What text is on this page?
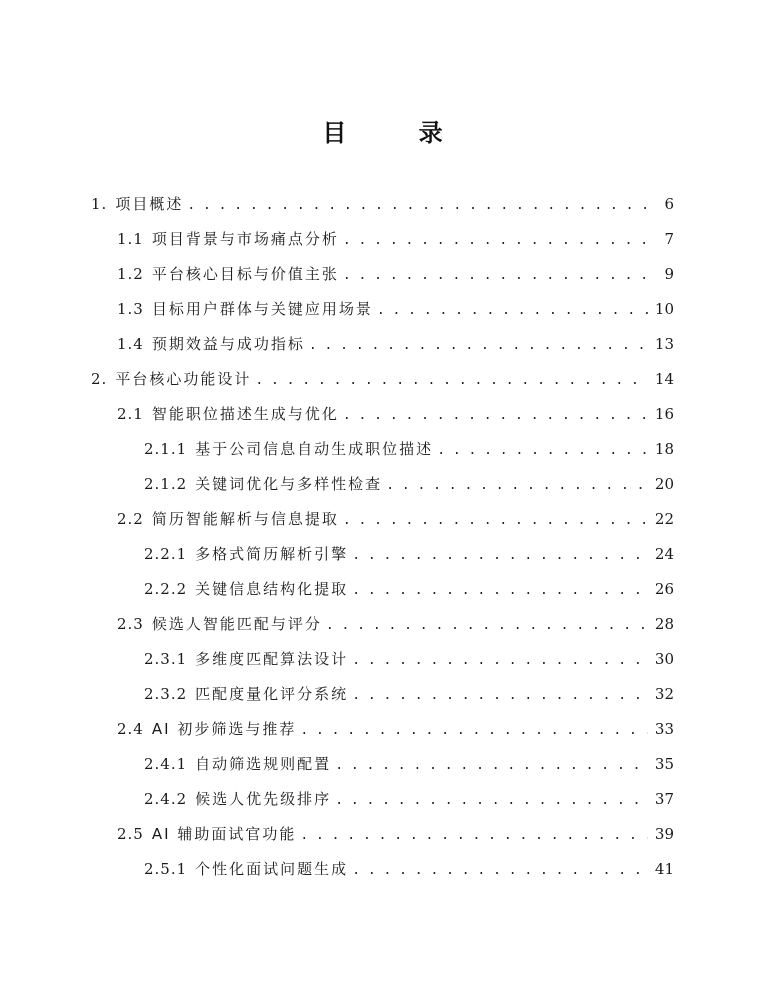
目 录
1. 项目概述 . . .	6
1.1 项目背景与市场痛点分析 . . .	7
1.2 平台核心目标与价值主张 . . .	9
1.3 目标用户群体与关键应用场景 . . .	10
1.4 预期效益与成功指标 . . .	13
2. 平台核心功能设计 . . .	14
2.1 智能职位描述生成与优化 . . .	16
2.1.1 基于公司信息自动生成职位描述 . . .	18
2.1.2 关键词优化与多样性检查 . . .	20
2.2 简历智能解析与信息提取 . . .	22
2.2.1 多格式简历解析引擎 . . .	24
2.2.2 关键信息结构化提取 . . .	26
2.3 候选人智能匹配与评分 . . .	28
2.3.1 多维度匹配算法设计 . . .	30
2.3.2 匹配度量化评分系统 . . .	32
2.4 AI 初步筛选与推荐 . . .	33
2.4.1 自动筛选规则配置 . . .	35
2.4.2 候选人优先级排序 . . .	37
2.5 AI 辅助面试官功能 . . .	39
2.5.1 个性化面试问题生成 . . .	41
